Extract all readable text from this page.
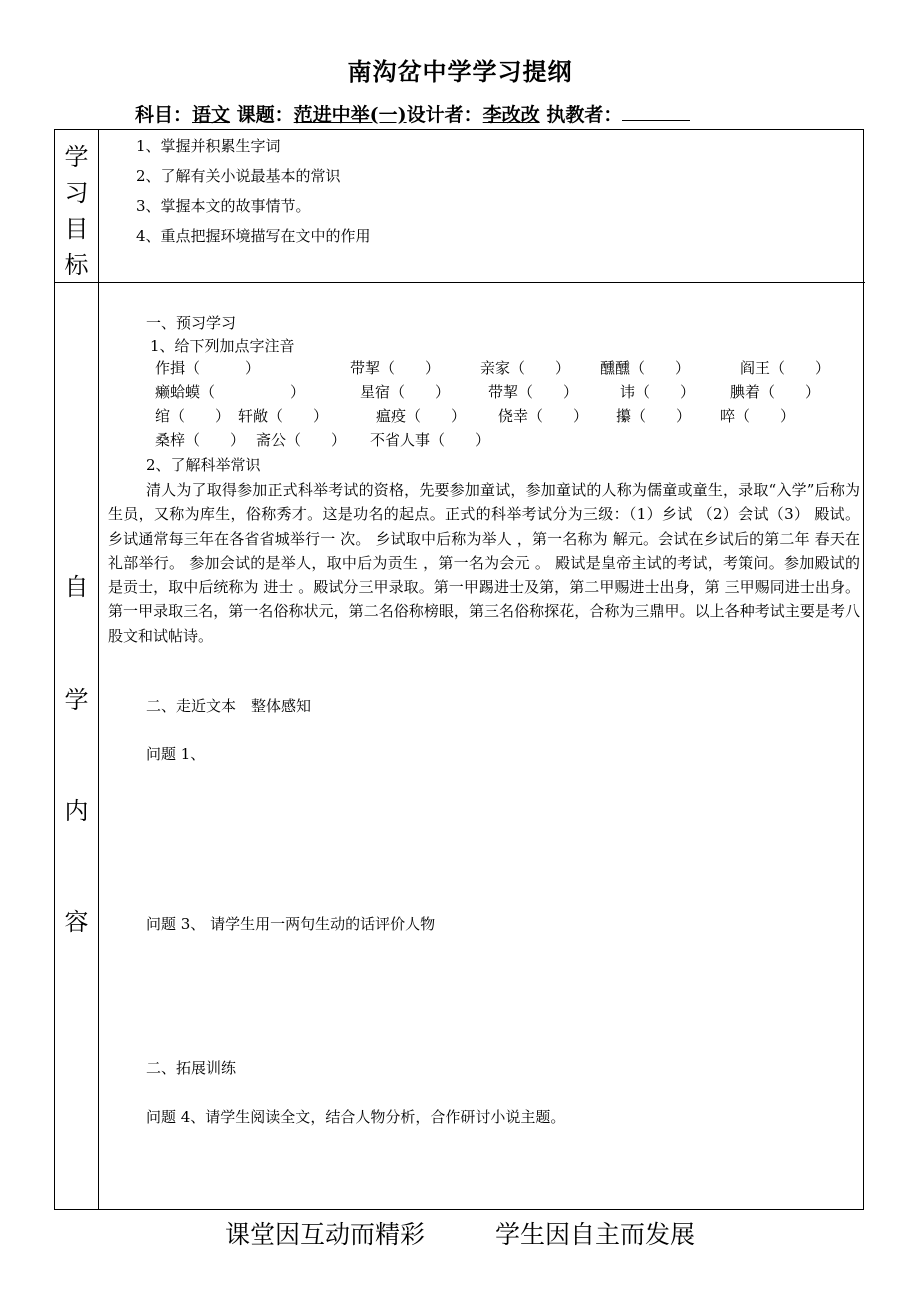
南沟岔中学学习提纲
科目：语文 课题：范进中举(一)设计者：李改改 执教者：
学
习
目
标
1、掌握并积累生字词
2、了解有关小说最基本的常识
3、掌握本文的故事情节。
4、重点把握环境描写在文中的作用
自
学
内
容
一、预习学习
1、给下列加点字注音
作揖（　　　）	带挈（　　）	亲家（　　） 醺醺（　　）	阎王（　　）
癞蛤蟆（　　　　　）	星宿（　　）	带挈（　　）	讳（　　） 腆着（　　）
绾（　　） 轩敞（　　）	瘟疫（　　） 侥幸（　　） 攥（　　） 啐（　　）
桑梓（　　） 斋公（　　） 不省人事（　　）
2、了解科举常识

清人为了取得参加正式科举考试的资格，先要参加童试，参加童试的人称为儒童或童生，录取“入学”后称为生员，又称为库生，俗称秀才。这是功名的起点。正式的科举考试分为三级：（1）乡试 （2）会试（3） 殿试。 乡试通常每三年在各省省城举行一 次。 乡试取中后称为举人 ，第一名称为 解元。会试在乡试后的第二年 春天在礼部举行。 参加会试的是举人，取中后为贡生 ，第一名为会元 。 殿试是皇帝主试的考试，考策问。参加殿试的是贡士，取中后统称为 进士 。殿试分三甲录取。第一甲踢进士及第，第二甲赐进士出身，第 三甲赐同进士出身。第一甲录取三名，第一名俗称状元，第二名俗称榜眼，第三名俗称探花，合称为三鼎甲。以上各种考试主要是考八股文和试帖诗。

二、走近文本　整体感知
问题 1、
问题 3、 请学生用一两句生动的话评价人物
二、拓展训练
问题 4、请学生阅读全文，结合人物分析，合作研讨小说主题。
课堂因互动而精彩	学生因自主而发展
